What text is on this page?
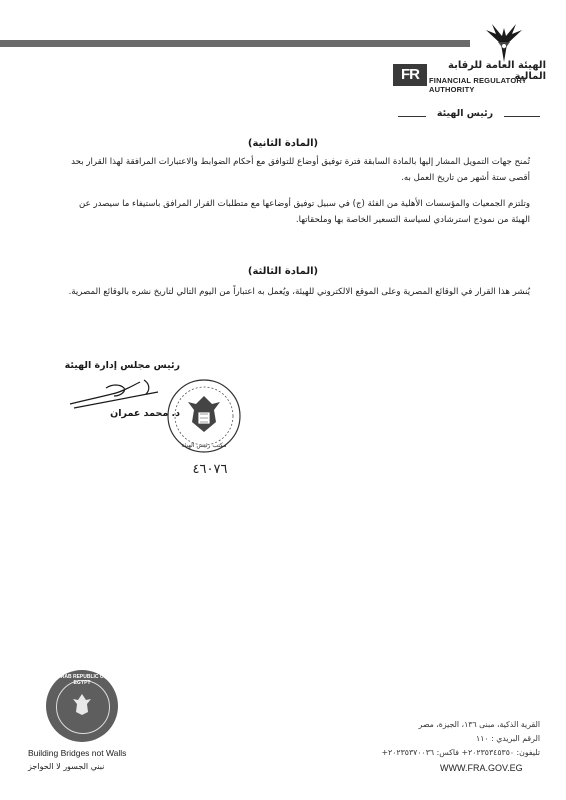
FR
الهيئة العامة للرقابة المالية
FINANCIAL REGULATORY AUTHORITY
رئيس الهيئة
(المادة الثانية)
تُمنح جهات التمويل المشار إليها بالمادة السابقة فترة توفيق أوضاع للتوافق مع أحكام الضوابط والاعتبارات المرافقة لهذا القرار بحد أقصى ستة أشهر من تاريخ العمل به.
وتلتزم الجمعيات والمؤسسات الأهلية من الفئة (ج) في سبيل توفيق أوضاعها مع متطلبات القرار المرافق باستيفاء ما سيصدر عن الهيئة من نموذج استرشادي لسياسة التسعير الخاصة بها وملحقاتها.
(المادة الثالثة)
يُنشر هذا القرار في الوقائع المصرية وعلى الموقع الالكتروني للهيئة، ويُعمل به اعتباراً من اليوم التالي لتاريخ نشره بالوقائع المصرية.
رئيس مجلس إدارة الهيئة
د. محمد عمران
مكتب رئيس الهيئة
٤٦٠٧٦
ARAB REPUBLIC OF EGYPT
Building Bridges not Walls
نبني الجسور لا الحواجز
القرية الذكية، مبنى ١٣٦، الجيزة، مصر
الرقم البريدي : ١١٠
تليفون: ٢٠٢٣٥٣٤٥٣٥٠+ فاكس: ٢٠٢٣٥٣٧٠٠٣٦+
WWW.FRA.GOV.EG
